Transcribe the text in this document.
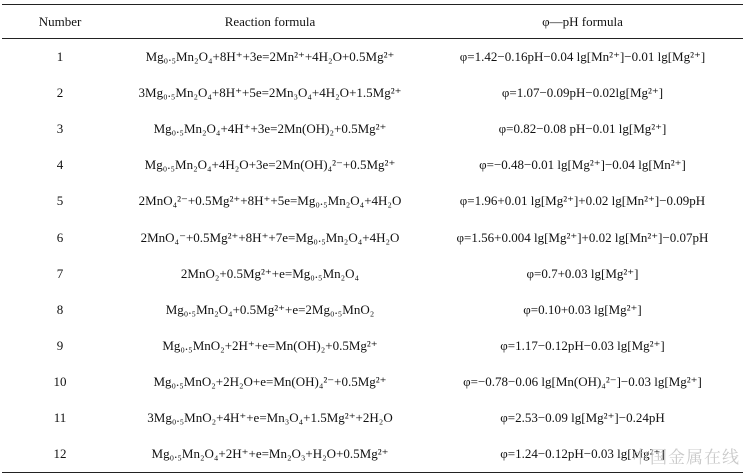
Number	Reaction formula	φ—pH formula
1	Mg₀.₅Mn₂O₄+8H⁺+3e=2Mn²⁺+4H₂O+0.5Mg²⁺	φ=1.42−0.16pH−0.04 lg[Mn²⁺]−0.01 lg[Mg²⁺]
2	3Mg₀.₅Mn₂O₄+8H⁺+5e=2Mn₃O₄+4H₂O+1.5Mg²⁺	φ=1.07−0.09pH−0.02lg[Mg²⁺]
3	Mg₀.₅Mn₂O₄+4H⁺+3e=2Mn(OH)₂+0.5Mg²⁺	φ=0.82−0.08 pH−0.01 lg[Mg²⁺]
4	Mg₀.₅Mn₂O₄+4H₂O+3e=2Mn(OH)₄²⁻+0.5Mg²⁺	φ=−0.48−0.01 lg[Mg²⁺]−0.04 lg[Mn²⁺]
5	2MnO₄²⁻+0.5Mg²⁺+8H⁺+5e=Mg₀.₅Mn₂O₄+4H₂O	φ=1.96+0.01 lg[Mg²⁺]+0.02 lg[Mn²⁺]−0.09pH
6	2MnO₄⁻+0.5Mg²⁺+8H⁺+7e=Mg₀.₅Mn₂O₄+4H₂O	φ=1.56+0.004 lg[Mg²⁺]+0.02 lg[Mn²⁺]−0.07pH
7	2MnO₂+0.5Mg²⁺+e=Mg₀.₅Mn₂O₄	φ=0.7+0.03 lg[Mg²⁺]
8	Mg₀.₅Mn₂O₄+0.5Mg²⁺+e=2Mg₀.₅MnO₂	φ=0.10+0.03 lg[Mg²⁺]
9	Mg₀.₅MnO₂+2H⁺+e=Mn(OH)₂+0.5Mg²⁺	φ=1.17−0.12pH−0.03 lg[Mg²⁺]
10	Mg₀.₅MnO₂+2H₂O+e=Mn(OH)₄²⁻+0.5Mg²⁺	φ=−0.78−0.06 lg[Mn(OH)₄²⁻]−0.03 lg[Mg²⁺]
11	3Mg₀.₅MnO₂+4H⁺+e=Mn₃O₄+1.5Mg²⁺+2H₂O	φ=2.53−0.09 lg[Mg²⁺]−0.24pH
12	Mg₀.₅Mn₂O₄+2H⁺+e=Mn₂O₃+H₂O+0.5Mg²⁺	φ=1.24−0.12pH−0.03 lg[Mg²⁺]
中国金属在线
